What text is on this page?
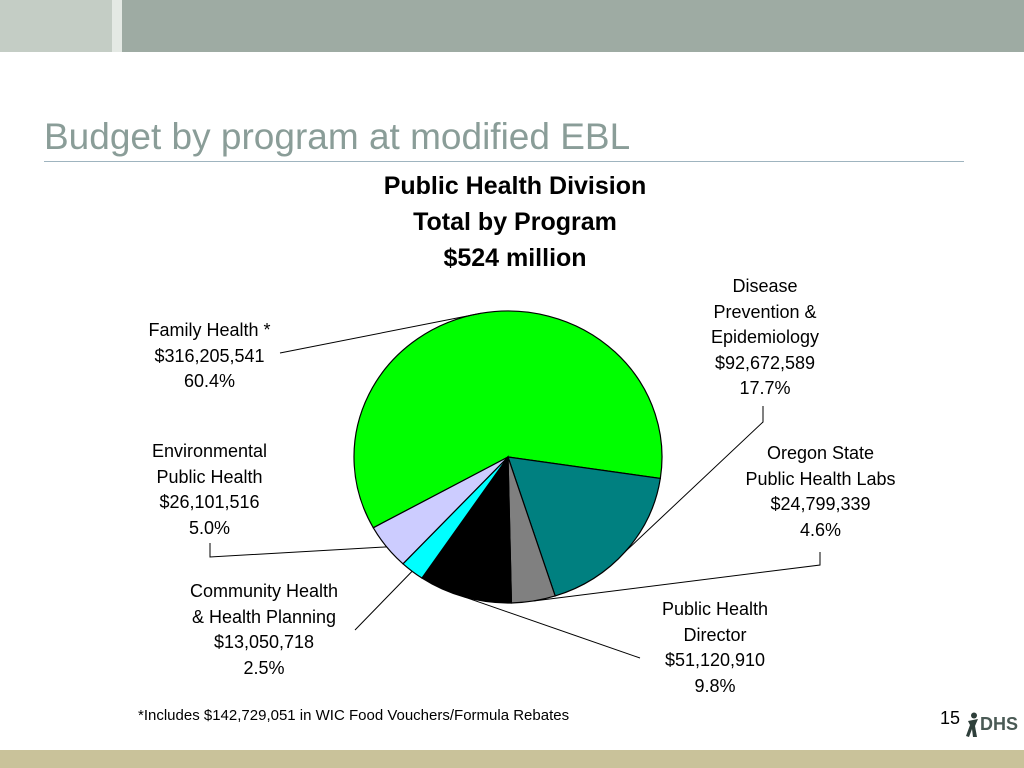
Budget by program at modified EBL
Public Health Division
Total by Program
$524 million
Family Health *
$316,205,541
60.4%
Disease
Prevention &
Epidemiology
$92,672,589
17.7%
Oregon State
Public Health Labs
$24,799,339
4.6%
Public Health
Director
$51,120,910
9.8%
Community Health
& Health Planning
$13,050,718
2.5%
Environmental
Public Health
$26,101,516
5.0%
*Includes $142,729,051 in WIC Food Vouchers/Formula Rebates	15	DHS
